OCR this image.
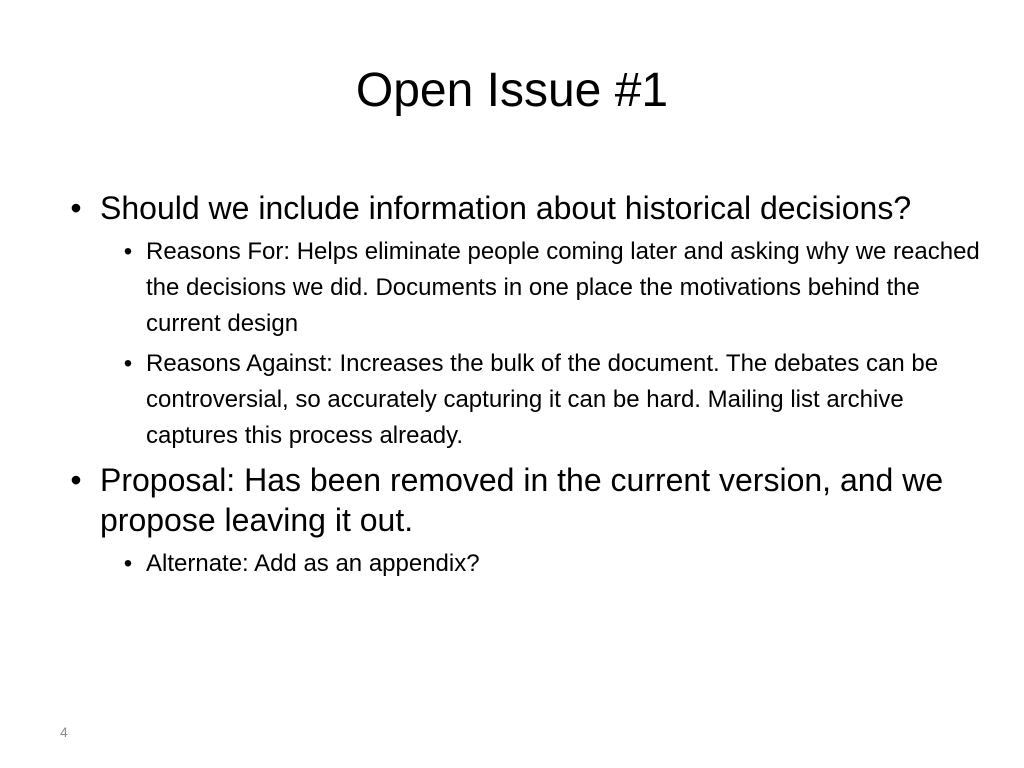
Open Issue #1
• Should we include information about historical decisions?
• Reasons For: Helps eliminate people coming later and asking why we reached the decisions we did. Documents in one place the motivations behind the current design
• Reasons Against: Increases the bulk of the document. The debates can be controversial, so accurately capturing it can be hard. Mailing list archive captures this process already.
• Proposal: Has been removed in the current version, and we propose leaving it out.
• Alternate: Add as an appendix?
4
